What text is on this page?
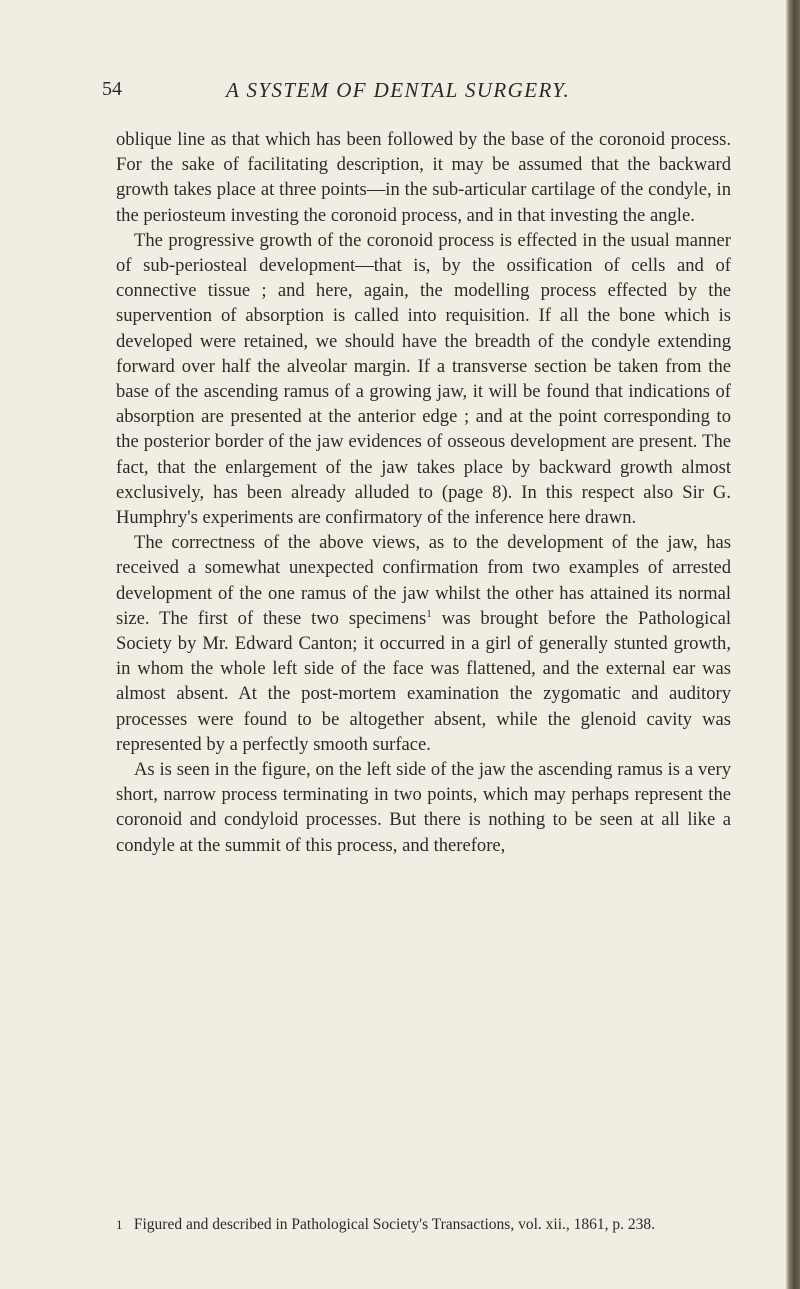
54	A SYSTEM OF DENTAL SURGERY.

oblique line as that which has been followed by the base of the coronoid process. For the sake of facilitating description, it may be assumed that the backward growth takes place at three points—in the sub-articular cartilage of the condyle, in the periosteum investing the coronoid process, and in that investing the angle.

The progressive growth of the coronoid process is effected in the usual manner of sub-periosteal development—that is, by the ossification of cells and of connective tissue ; and here, again, the modelling process effected by the supervention of absorption is called into requisition. If all the bone which is developed were retained, we should have the breadth of the condyle extending forward over half the alveolar margin. If a transverse section be taken from the base of the ascending ramus of a growing jaw, it will be found that indications of absorption are presented at the anterior edge ; and at the point corresponding to the posterior border of the jaw evidences of osseous development are present. The fact, that the enlargement of the jaw takes place by backward growth almost exclusively, has been already alluded to (page 8). In this respect also Sir G. Humphry's experiments are confirmatory of the inference here drawn.

The correctness of the above views, as to the development of the jaw, has received a somewhat unexpected confirmation from two examples of arrested development of the one ramus of the jaw whilst the other has attained its normal size. The first of these two specimens$^1$ was brought before the Pathological Society by Mr. Edward Canton; it occurred in a girl of generally stunted growth, in whom the whole left side of the face was flattened, and the external ear was almost absent. At the post-mortem examination the zygomatic and auditory processes were found to be altogether absent, while the glenoid cavity was represented by a perfectly smooth surface.

As is seen in the figure, on the left side of the jaw the ascending ramus is a very short, narrow process terminating in two points, which may perhaps represent the coronoid and condyloid processes. But there is nothing to be seen at all like a condyle at the summit of this process, and therefore,

1 Figured and described in Pathological Society's Transactions, vol. xii., 1861, p. 238.
